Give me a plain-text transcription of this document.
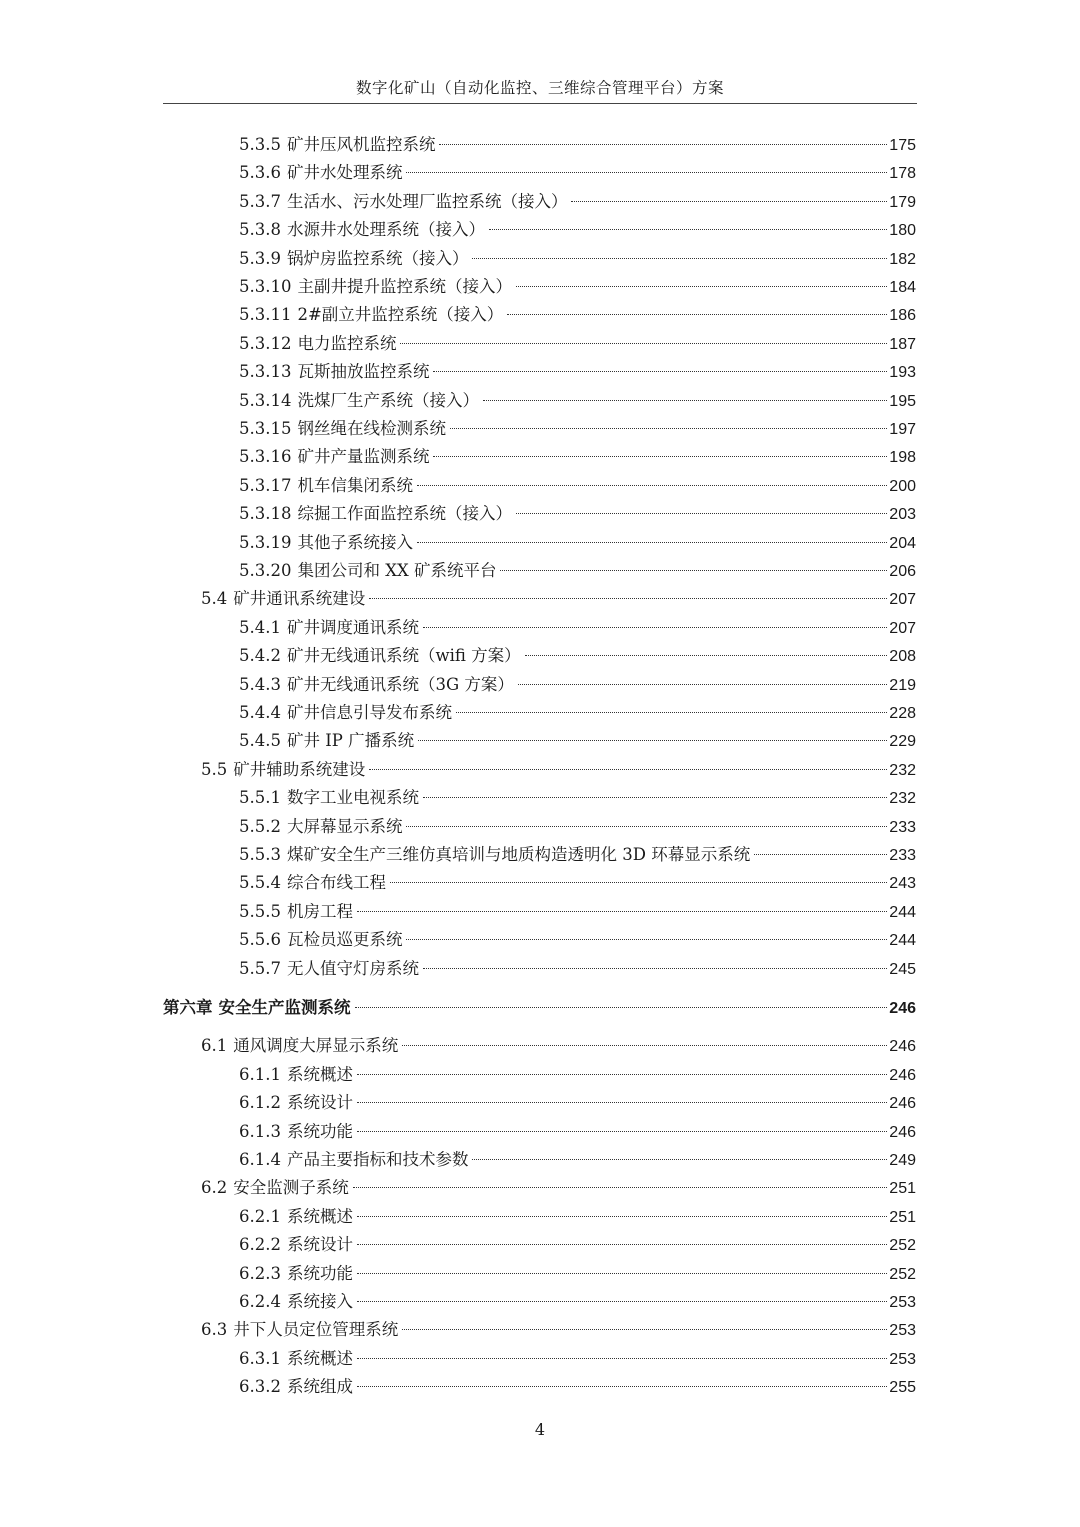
数字化矿山（自动化监控、三维综合管理平台）方案
5.3.5 矿井压风机监控系统	175
5.3.6 矿井水处理系统	178
5.3.7 生活水、污水处理厂监控系统（接入）	179
5.3.8 水源井水处理系统（接入）	180
5.3.9 锅炉房监控系统（接入）	182
5.3.10 主副井提升监控系统（接入）	184
5.3.11 2#副立井监控系统（接入）	186
5.3.12 电力监控系统	187
5.3.13 瓦斯抽放监控系统	193
5.3.14 洗煤厂生产系统（接入）	195
5.3.15 钢丝绳在线检测系统	197
5.3.16 矿井产量监测系统	198
5.3.17 机车信集闭系统	200
5.3.18 综掘工作面监控系统（接入）	203
5.3.19 其他子系统接入	204
5.3.20 集团公司和 XX 矿系统平台	206
5.4 矿井通讯系统建设	207
5.4.1 矿井调度通讯系统	207
5.4.2 矿井无线通讯系统（wifi 方案）	208
5.4.3 矿井无线通讯系统（3G 方案）	219
5.4.4 矿井信息引导发布系统	228
5.4.5 矿井 IP 广播系统	229
5.5 矿井辅助系统建设	232
5.5.1 数字工业电视系统	232
5.5.2 大屏幕显示系统	233
5.5.3 煤矿安全生产三维仿真培训与地质构造透明化 3D 环幕显示系统	233
5.5.4 综合布线工程	243
5.5.5 机房工程	244
5.5.6 瓦检员巡更系统	244
5.5.7 无人值守灯房系统	245
第六章 安全生产监测系统	246
6.1 通风调度大屏显示系统	246
6.1.1 系统概述	246
6.1.2 系统设计	246
6.1.3 系统功能	246
6.1.4 产品主要指标和技术参数	249
6.2 安全监测子系统	251
6.2.1 系统概述	251
6.2.2 系统设计	252
6.2.3 系统功能	252
6.2.4 系统接入	253
6.3 井下人员定位管理系统	253
6.3.1 系统概述	253
6.3.2 系统组成	255
4
